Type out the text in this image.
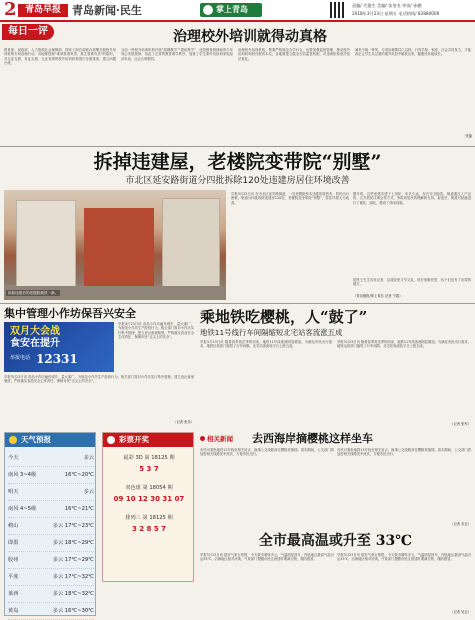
2 青岛早报	青岛新闻·民生	掌上青岛	责编/ 代俊生 美编/ 张奎龙 审读/ 孙鹏
2018年3月23日 星期五 电话热线/ 82880000
每日一评	治理校外培训就得动真格
教育部、民政部、人力资源社会保障部、国家工商总局联合部署开展校外培训机构专项治理行动。各地要按照“谁审批谁负责、谁主管谁负责”的原则，对无证无照、有证无照、无证有照的校外培训机构进行全面排查，建立问题台账。
当前一些校外培训机构开展“超纲教学”“提前教学”，违背教育规律和青少年身心发展规律，扰乱了正常的教育教学秩序，加重了学生课外负担和家庭经济负担，社会反映强烈。
治理校外培训机构，既要严格规范办学行为，也要加强监督管理，推动校外培训机构回归教育本位。各地要建立健全长效监管机制，对违规机构坚决依法查处。
减负不能一阵风，专项治理要持之以恒。只有学校、家庭、社会共同发力，才能真正让学生从过重的课外负担中解放出来，健康快乐地成长。
张磊
拆掉违建屋，老楼院变带院“别墅”
市北区延安路街道分四批拆除120处违建房居住环境改善
拆除违建后的老楼院焕然一新。
早报3月23日讯 在市北区延安路街道，一处老楼院原本违建房屋密布，居民出行困难。街道分四批拆除违建房120处，老楼院变身带院“别墅”，居住环境大为改善。
据介绍，这些违建多建于上世纪，年代久远，存在安全隐患。街道通过入户宣传、召开居民议事会等方式，争取到居民的理解和支持。拆违后，街道对院落进行了硬化、绿化，增设了休闲设施。
居民王先生告诉记者，以前院里又窄又乱，现在宽敞亮堂，孩子们也有了玩耍的地方。
（青岛晚报/掌上青岛 记者 于震）
集中管理小作坊保吾兴安全
双月大会战
食安在提升
举报电话 12331
早报3月23日讯 食品小作坊遍布城乡，量大面广。为规范小作坊生产经营行为，相关部门将对小作坊实行集中管理，建立登记备案制度，严格落实食品安全主体责任，保障市民“舌尖上的安全”。
早报3月23日讯 食品小作坊遍布城乡，量大面广。为规范小作坊生产经营行为，相关部门将对小作坊实行集中管理，建立登记备案制度，严格落实食品安全主体责任，保障市民“舌尖上的安全”。
（记者 张乐）
乘地铁吃樱桃，人“鼓了”
地铁11号线行车间隔缩短北宅站客流涨五成
早报3月23日讯 随着春季赏花季的到来，地铁11号线客流明显增加。为满足市民出行需求，地铁运营部门缩短了行车间隔，北宅站客流较平日上涨五成。
早报3月23日讯 随着春季赏花季的到来，地铁11号线客流明显增加。为满足市民出行需求，地铁运营部门缩短了行车间隔，北宅站客流较平日上涨五成。
（记者 张军）
相关新闻 去西海岸摘樱桃这样坐车
市民可乘坐地铁13号线至相关站点，换乘公交线路前往樱桃采摘园。周末期间，公交部门将加密相关线路发车班次，方便市民出行。
市民可乘坐地铁13号线至相关站点，换乘公交线路前往樱桃采摘园。周末期间，公交部门将加密相关线路发车班次，方便市民出行。
（记者 宋正）
全市最高温或升至 33℃
早报3月23日讯 据市气象台预报，今天我市晴转多云，气温明显回升，内陆地区最高气温可达33℃，沿海地区相对凉爽。气象部门提醒市民注意适时增减衣物，谨防感冒。
早报3月23日讯 据市气象台预报，今天我市晴转多云，气温明显回升，内陆地区最高气温可达33℃，沿海地区相对凉爽。气象部门提醒市民注意适时增减衣物，谨防感冒。
（记者 吴正）
天气预报
今天	多云
南风 3~4级	16℃~20℃
明天	多云
南风 4~5级	16℃~21℃
崂山	多云 17℃~23℃
即墨	多云 18℃~29℃
胶州	多云 17℃~29℃
平度	多云 17℃~32℃
莱西	多云 18℃~32℃
黄岛	多云 16℃~30℃
彩票开奖
福彩 3D 第 18125 期
5 3 7
双色球 第 18054 期
09 10 12 30 31 07
排列三 第 18125 期
3 2 8 5 7
